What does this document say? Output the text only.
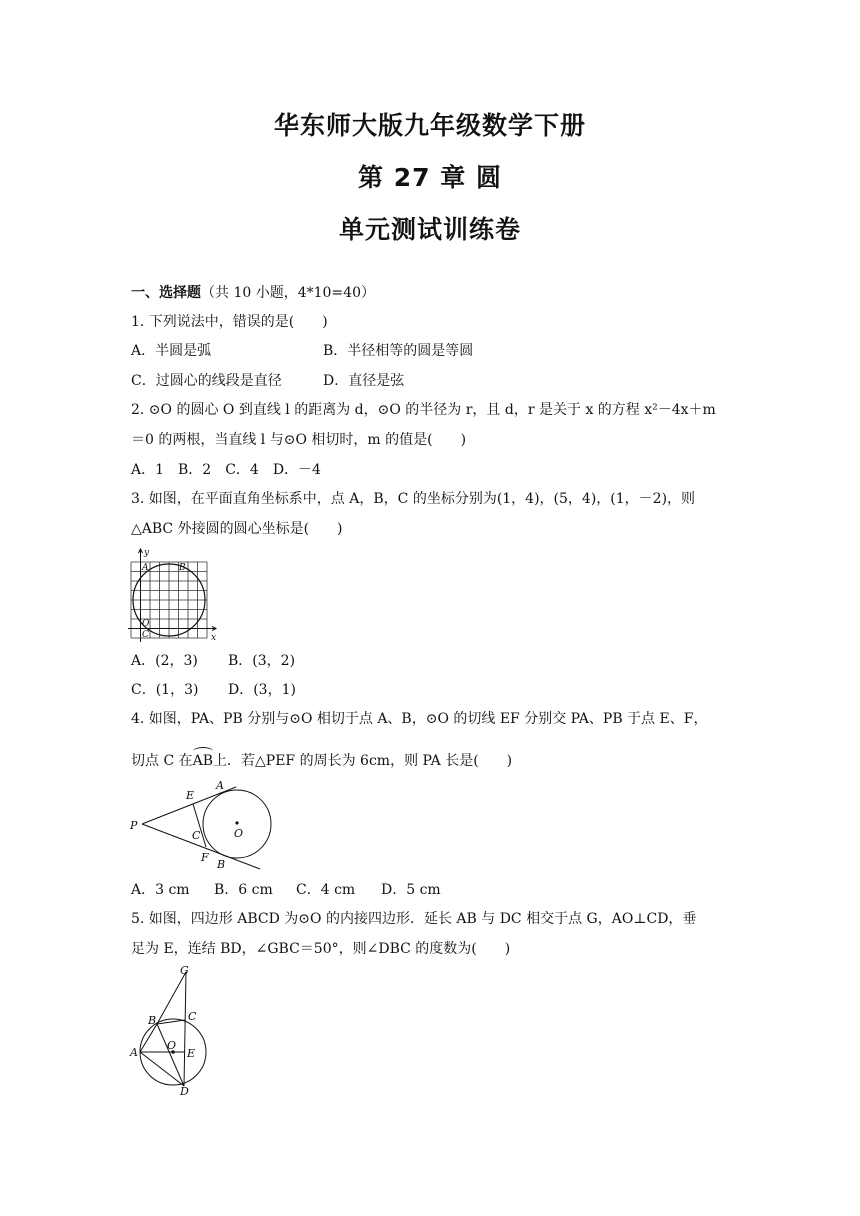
华东师大版九年级数学下册
第 27 章 圆
单元测试训练卷
一、选择题（共 10 小题，4*10=40）
1. 下列说法中，错误的是(　　)
A．半圆是弧	B．半径相等的圆是等圆
C．过圆心的线段是直径	D．直径是弦
2. ⊙O 的圆心 O 到直线 l 的距离为 d，⊙O 的半径为 r，且 d，r 是关于 x 的方程 x²－4x＋m
＝0 的两根，当直线 l 与⊙O 相切时，m 的值是(　　)
A．1　B．2　C．4　D．－4
3. 如图，在平面直角坐标系中，点 A，B，C 的坐标分别为(1，4)，(5，4)，(1，－2)，则
△ABC 外接圆的圆心坐标是(　　)
y
x
A	B
C
O
A．(2，3) B．(3，2)
C．(1，3) D．(3，1)
4. 如图，PA、PB 分别与⊙O 相切于点 A、B，⊙O 的切线 EF 分别交 PA、PB 于点 E、F，
切点 C 在AB上．若△PEF 的周长为 6cm，则 PA 长是(　　)
P
E
A
C	O
F
B
A．3 cm B．6 cm C．4 cm D．5 cm
5. 如图，四边形 ABCD 为⊙O 的内接四边形．延长 AB 与 DC 相交于点 G，AO⊥CD，垂
足为 E，连结 BD，∠GBC＝50°，则∠DBC 的度数为(　　)
G
B	C
A
O
E
D
